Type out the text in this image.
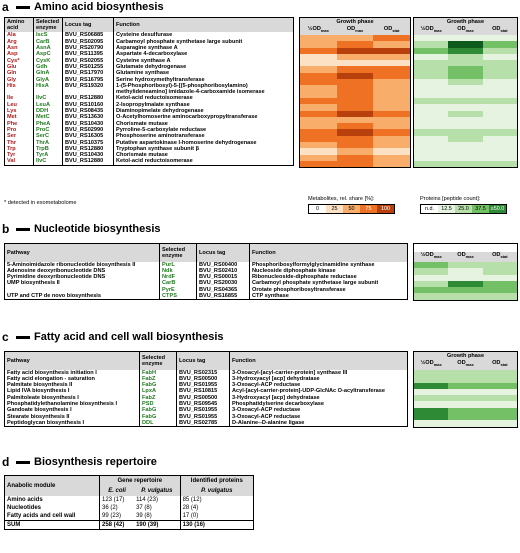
a	Amino acid biosynthesis
Amino acid	Selected enzyme	Locus tag	Function
Ala	IscS	BVU_RS06885	Cysteine desulfurase
Arg	CarB	BVU_RS02095	Carbamoyl phosphate synthetase large subunit
Asn	AsnA	BVU_RS20790	Asparagine synthase A
Asp	AspC	BVU_RS11395	Aspartate 4-decarboxylase
Cys*	CysK	BVU_RS02055	Cysteine synthase A
Glu	Gdh	BVU_RS01255	Glutamate dehydrogenase
Gln	GlnA	BVU_RS17970	Glutamine synthase
Gly	GlyA	BVU_RS16795	Serine hydroxymethyltransferase
His	HisA	BVU_RS19320	1-(5-Phosphoribosyl)-5-[(5-phosphoribosylamino)
			methylideneamino] imidazole-4-carboxamide isomerase
Ile	IlvC	BVU_RS12880	Ketol-acid reductoisomerase
Leu	LeuA	BVU_RS10160	2-Isopropylmalate synthase
Lys	DDH	BVU_RS08435	Diaminopimelate dehydrogenase
Met	MetC	BVU_RS13630	O-Acetylhomoserine aminocarboxypropyltransferase
Phe	PheA	BVU_RS10430	Chorismate mutase
Pro	ProC	BVU_RS02990	Pyrroline-5-carboxylate reductase
Ser	SerC	BVU_RS16305	Phosphoserine aminotransferase
Thr	ThrA	BVU_RS10375	Putative aspartokinase I-homoserine dehydrogenase
Trp	TrpB	BVU_RS12880	Tryptophan synthase subunit β
Tyr	TyrA	BVU_RS10430	Chorismate mutase
Val	IlvC	BVU_RS12880	Ketol-acid reductoisomerase
Growth phase
$\frac{1}{2}OD_{max}$	$OD_{max}$	$OD_{stat}$
Growth phase
$\frac{1}{2}OD_{max}$	$OD_{max}$	$OD_{stat}$
* detected in exometabolome
Metabolites, rel. share [%]:
0	25	50	75	100
Proteins [peptide count]:
n.d.	12.5	25.0	37.5 ≥50.0
b	Nucleotide biosynthesis
Pathway	Selected enzyme	Locus tag	Function
5-Aminoimidazole ribonucleotide biosynthesis II	PurL	BVU_RS00400	Phosphoribosylformylglycinamidine synthase
Adenosine deoxyribonucleotide DNS	Ndk	BVU_RS02410	Nucleoside diphosphate kinase
Pyrimidine deoxyribonucleotide DNS	NrdF	BVU_RS00015	Ribonucleoside-diphosphate reductase
UMP biosynthesis II	CarB	BVU_RS20030	Carbamoyl phosphate synthetase large subunit
	PyrE	BVU_RS04365	Orotate phosphoribosyltransferase
UTP and CTP de novo biosynthesis	CTPS	BVU_RS16855	CTP synthase
$\frac{1}{2}OD_{max}$	$OD_{max}$	$OD_{stat}$
c	Fatty acid and cell wall biosynthesis
Pathway	Selected enzyme	Locus tag	Function
Fatty acid biosynthesis initiation I	FabH	BVU_RS02315	3-Oxoacyl-[acyl-carrier-protein] synthase III
Fatty acid elongation - saturation	FabZ	BVU_RS00500	3-Hydroxyacyl [acp] dehydratase
Palmitate biosynthesis II	FabG	BVU_RS01955	3-Oxoacyl-ACP reductase
Lipid IVA biosynthesis I	LpxA	BVU_RS10815	Acyl-[acyl-carrier-protein]-UDP-GlcNAc O-acyltransferase
Palmitoleate biosynthesis I	FabZ	BVU_RS00500	3-Hydroxyacyl [acp] dehydratase
Phosphatidylethanolamine biosynthesis I	PSD	BVU_RS09545	Phosphatidylserine decarboxylase
Gandoate biosynthesis I	FabG	BVU_RS01955	3-Oxoacyl-ACP reductase
Stearate biosynthesis II	FabG	BVU_RS01955	3-Oxoacyl-ACP reductase
Peptidoglycan biosynthesis I	DDL	BVU_RS02785	D-Alanine--D-alanine ligase
Growth phase
$\frac{1}{2}OD_{max}$	$OD_{max}$	$OD_{stat}$
d	Biosynthesis repertoire
Anabolic module	Gene repertoire		Identified proteins
	E. coli	P. vulgatus	P. vulgatus
Amino acids	123 (17)	114 (23)	85 (12)
Nucleotides	36 (2)	37 (8)	28 (4)
Fatty acids and cell wall	99 (23)	39 (8)	17 (0)
SUM	258 (42)	190 (39)	130 (16)
